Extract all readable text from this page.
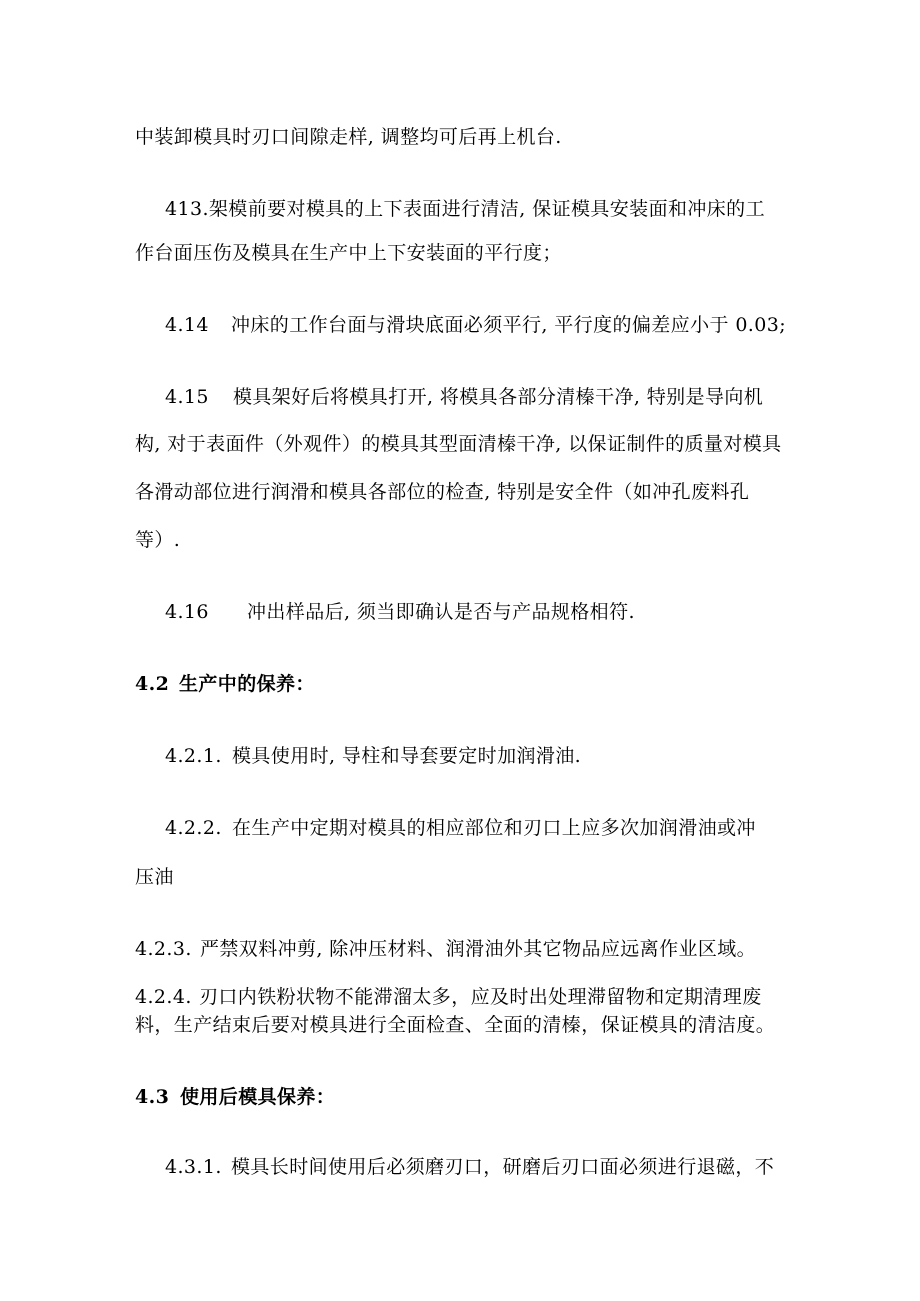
中装卸模具时刃口间隙走样, 调整均可后再上机台.
413.架模前要对模具的上下表面进行清洁, 保证模具安装面和冲床的工
作台面压伤及模具在生产中上下安装面的平行度；
4.14 冲床的工作台面与滑块底面必须平行, 平行度的偏差应小于 0.03;
4.15 模具架好后将模具打开, 将模具各部分清榛干净, 特别是导向机
构, 对于表面件（外观件）的模具其型面清榛干净, 以保证制件的质量对模具
各滑动部位进行润滑和模具各部位的检查, 特别是安全件（如冲孔废料孔
等）.
4.16 冲出样品后, 须当即确认是否与产品规格相符.
4.2 生产中的保养：
4.2.1. 模具使用时, 导柱和导套要定时加润滑油.
4.2.2. 在生产中定期对模具的相应部位和刃口上应多次加润滑油或冲
压油
4.2.3. 严禁双料冲剪, 除冲压材料、润滑油外其它物品应远离作业区域。
4.2.4. 刃口内铁粉状物不能滞溜太多，应及时出处理滞留物和定期清理废
料，生产结束后要对模具进行全面检查、全面的清榛，保证模具的清洁度。
4.3 使用后模具保养：
4.3.1. 模具长时间使用后必须磨刃口，研磨后刃口面必须进行退磁，不
